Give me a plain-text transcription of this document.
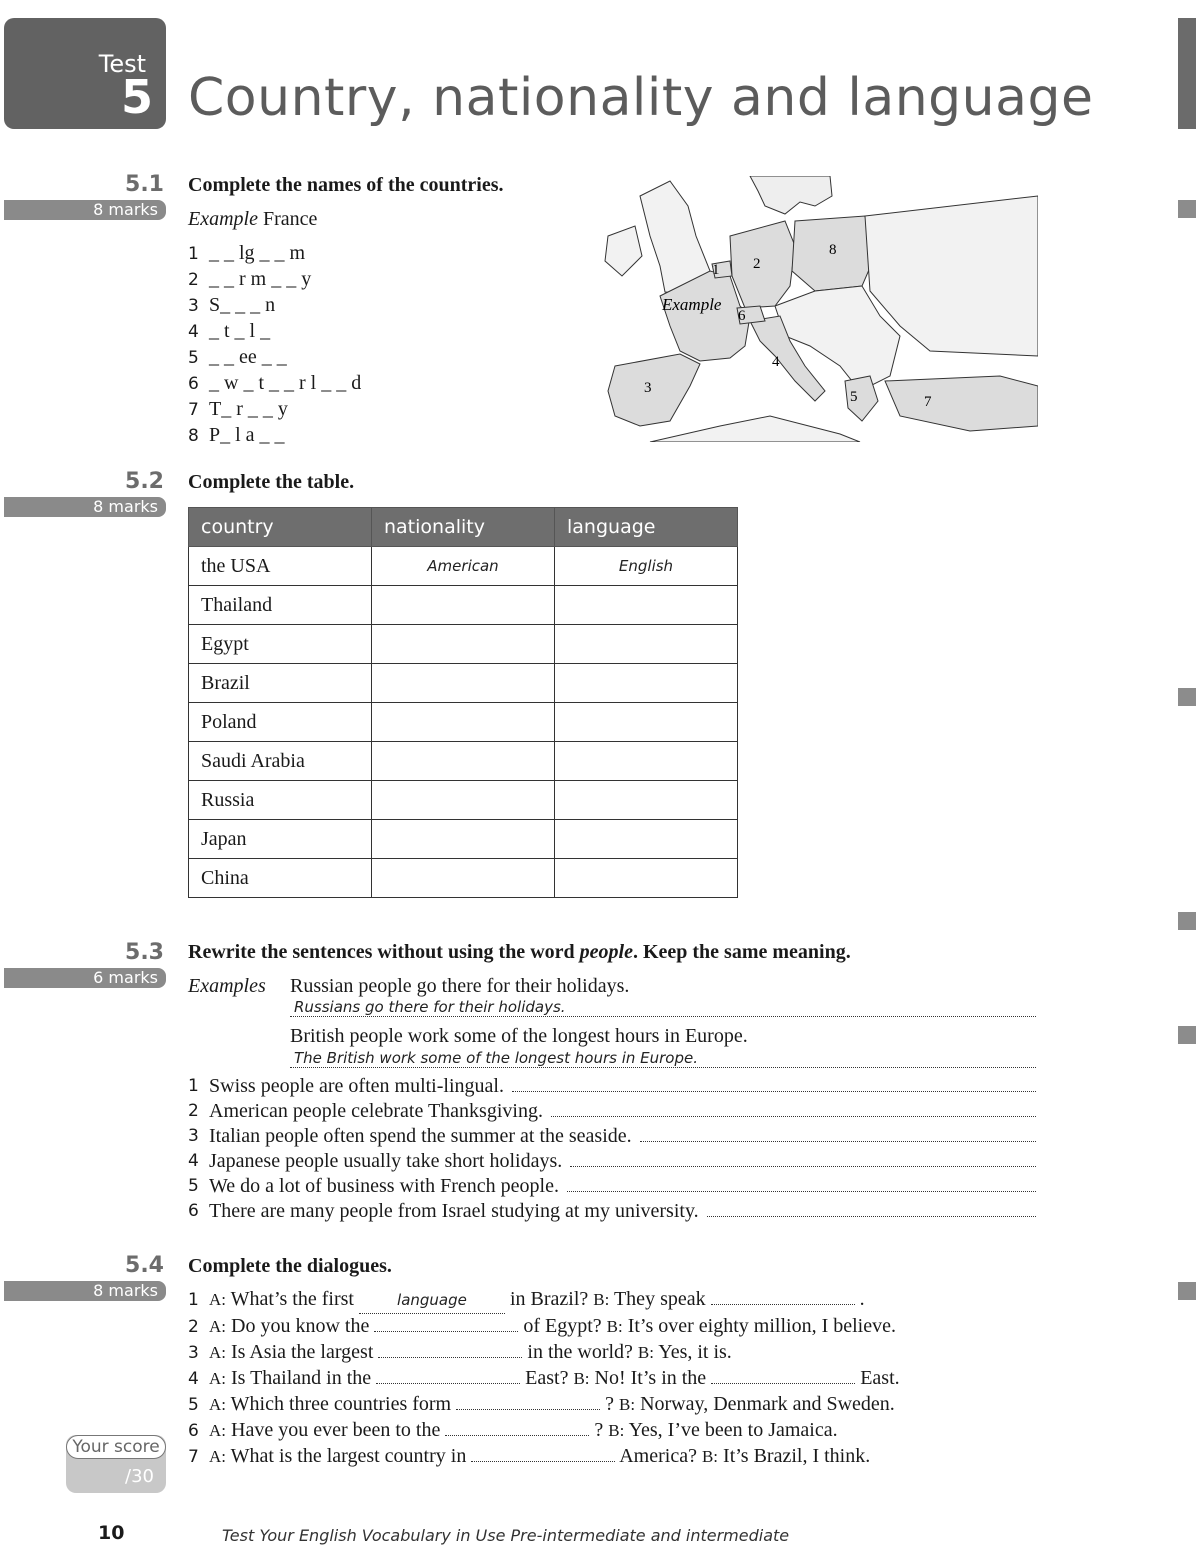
Test
5 Country, nationality and language
5.1
8 marks
Complete the names of the countries.
Example France
1 _ _ lg _ _ m
2 _ _ r m _ _ y
3 S_ _ _ n
4 _ t _ l _
5 _ _ ee _ _
6 _ w _ t _ _ r l _ _ d
7 T_ r _ _ y
8 P_ l a _ _
1 2
3
4
5
6
7
8
Example
5.2
8 marks
Complete the table.
country	nationality	language
the USA	American	English
Thailand		
Egypt		
Brazil		
Poland		
Saudi Arabia		
Russia		
Japan		
China		
5.3
6 marks
Rewrite the sentences without using the word people. Keep the same meaning.
Examples Russian people go there for their holidays.
Russians go there for their holidays.
British people work some of the longest hours in Europe.
The British work some of the longest hours in Europe.
1 Swiss people are often multi-lingual.
2 American people celebrate Thanksgiving.
3 Italian people often spend the summer at the seaside.
4 Japanese people usually take short holidays.
5 We do a lot of business with French people.
6 There are many people from Israel studying at my university.
5.4
8 marks
Complete the dialogues.
1 A: What’s the first	language in Brazil? B: They speak	.
2 A: Do you know the	of Egypt? B: It’s over eighty million, I believe.
3 A: Is Asia the largest	in the world? B: Yes, it is.
4 A: Is Thailand in the	East? B: No! It’s in the	East.
5 A: Which three countries form	? B: Norway, Denmark and Sweden.
6 A: Have you ever been to the	? B: Yes, I’ve been to Jamaica.
7 A: What is the largest country in	America? B: It’s Brazil, I think.
Your score
/30
10	Test Your English Vocabulary in Use Pre-intermediate and intermediate
